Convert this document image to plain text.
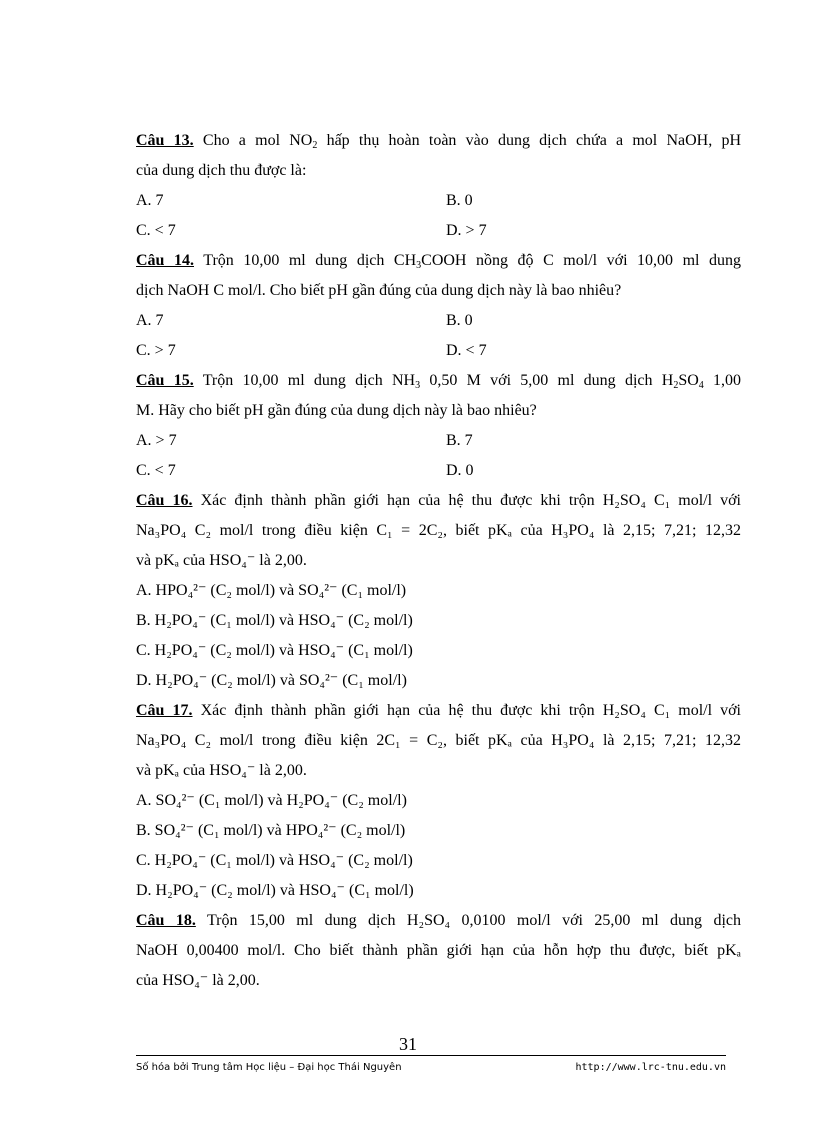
Câu 13. Cho a mol $NO_2$ hấp thụ hoàn toàn vào dung dịch chứa a mol NaOH, pH
của dung dịch thu được là:
A. 7	B. 0
C. < 7	D. > 7
Câu 14. Trộn 10,00 ml dung dịch $CH_3COOH$ nồng độ C mol/l với 10,00 ml dung
dịch NaOH C mol/l. Cho biết pH gần đúng của dung dịch này là bao nhiêu?
A. 7	B. 0
C. > 7	D. < 7
Câu 15. Trộn 10,00 ml dung dịch $NH_3$ 0,50 M với 5,00 ml dung dịch $H_2SO_4$ 1,00
M. Hãy cho biết pH gần đúng của dung dịch này là bao nhiêu?
A. > 7	B. 7
C. < 7	D. 0
Câu 16. Xác định thành phần giới hạn của hệ thu được khi trộn H₂SO₄ C₁ mol/l với
Na₃PO₄ C₂ mol/l trong điều kiện C₁ = 2C₂, biết pKₐ của H₃PO₄ là 2,15; 7,21; 12,32
và pKₐ của HSO₄⁻ là 2,00.
A. HPO₄²⁻ (C₂ mol/l) và SO₄²⁻ (C₁ mol/l)
B. H₂PO₄⁻ (C₁ mol/l) và HSO₄⁻ (C₂ mol/l)
C. H₂PO₄⁻ (C₂ mol/l) và HSO₄⁻ (C₁ mol/l)
D. H₂PO₄⁻ (C₂ mol/l) và SO₄²⁻ (C₁ mol/l)
Câu 17. Xác định thành phần giới hạn của hệ thu được khi trộn H₂SO₄ C₁ mol/l với
Na₃PO₄ C₂ mol/l trong điều kiện 2C₁ = C₂, biết pKₐ của H₃PO₄ là 2,15; 7,21; 12,32
và pKₐ của HSO₄⁻ là 2,00.
A. SO₄²⁻ (C₁ mol/l) và H₂PO₄⁻ (C₂ mol/l)
B. SO₄²⁻ (C₁ mol/l) và HPO₄²⁻ (C₂ mol/l)
C. H₂PO₄⁻ (C₁ mol/l) và HSO₄⁻ (C₂ mol/l)
D. H₂PO₄⁻ (C₂ mol/l) và HSO₄⁻ (C₁ mol/l)
Câu 18. Trộn 15,00 ml dung dịch H₂SO₄ 0,0100 mol/l với 25,00 ml dung dịch
NaOH 0,00400 mol/l. Cho biết thành phần giới hạn của hỗn hợp thu được, biết pKₐ
của HSO₄⁻ là 2,00.
31
Số hóa bởi Trung tâm Học liệu – Đại học Thái Nguyên	http://www.lrc-tnu.edu.vn
